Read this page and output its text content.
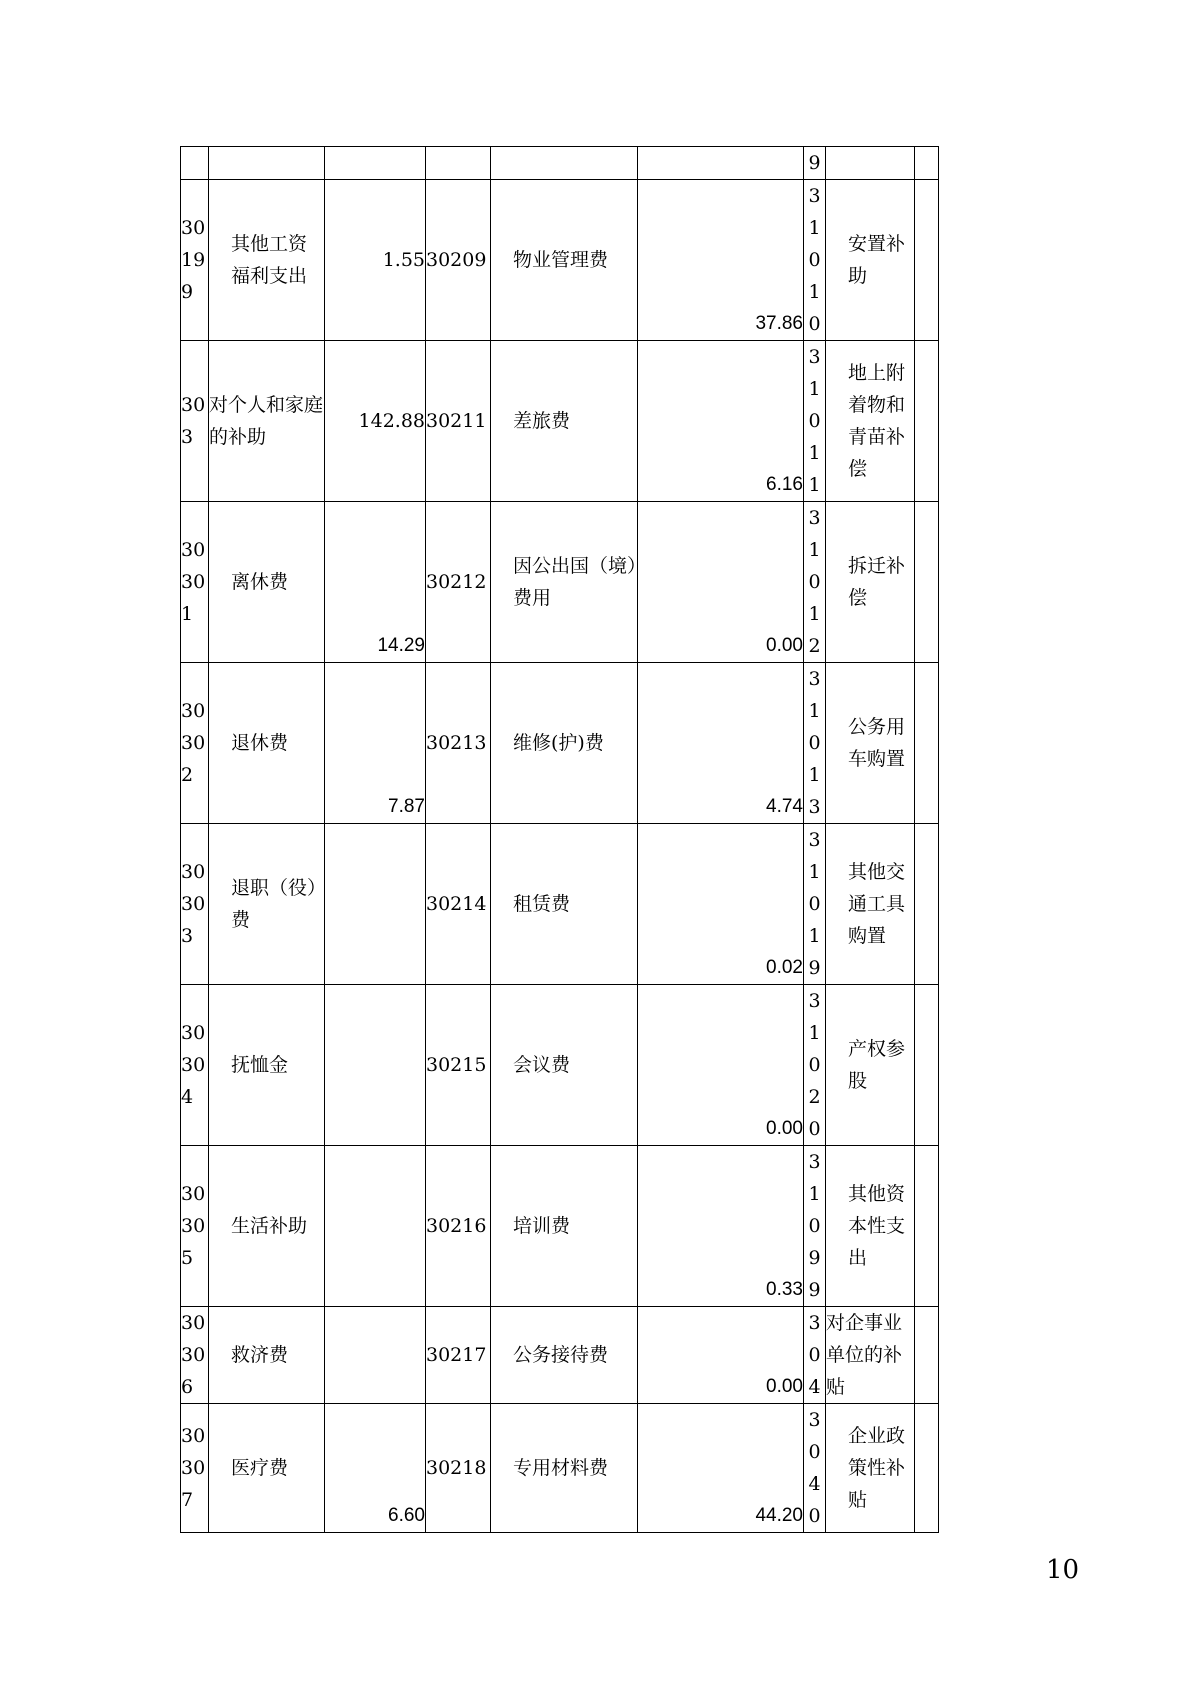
						9		
30199	其他工资福利支出	1.55	30209	物业管理费	37.86	31010	安置补助	
303	对个人和家庭的补助	142.88	30211	差旅费	6.16	31011	地上附着物和青苗补偿	
30301	离休费	14.29	30212	因公出国（境）费用	0.00	31012	拆迁补偿	
30302	退休费	7.87	30213	维修(护)费	4.74	31013	公务用车购置	
30303	退职（役）费		30214	租赁费	0.02	31019	其他交通工具购置	
30304	抚恤金		30215	会议费	0.00	31020	产权参股	
30305	生活补助		30216	培训费	0.33	31099	其他资本性支出	
30306	救济费		30217	公务接待费	0.00	304	对企事业单位的补贴	
30307	医疗费	6.60	30218	专用材料费	44.20	3040	企业政策性补贴	
10
